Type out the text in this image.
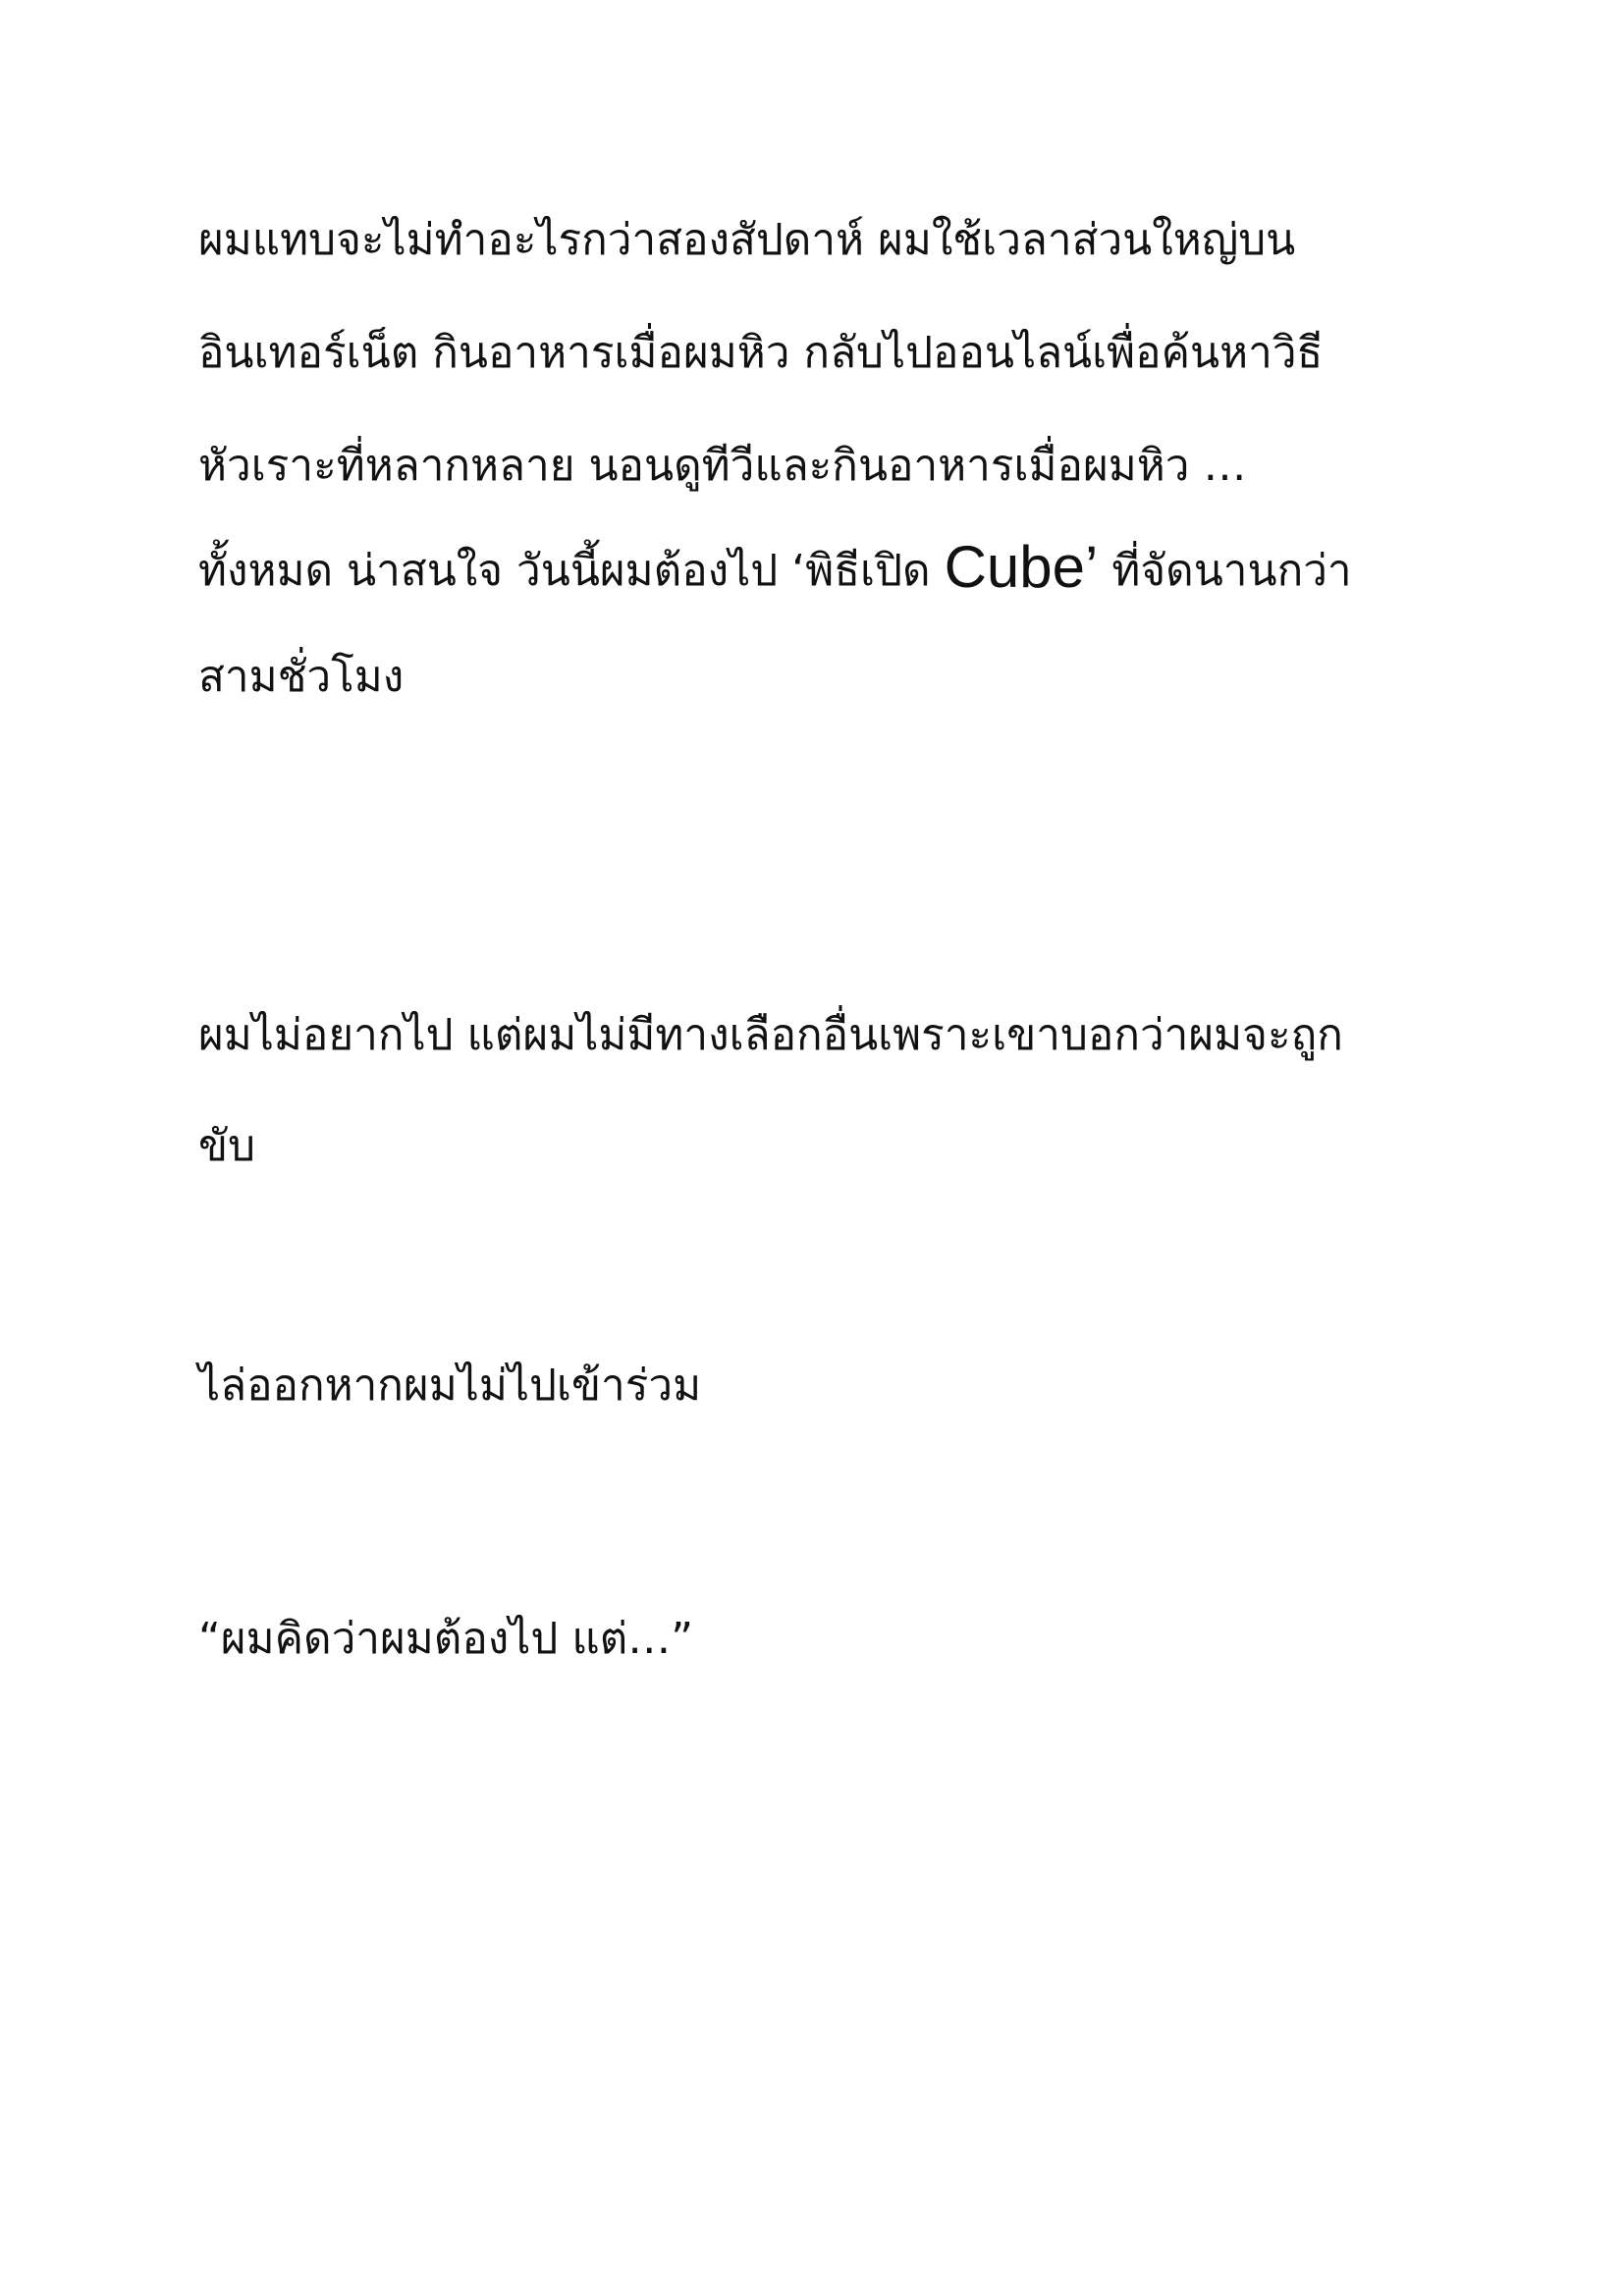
ผมแทบจะไม่ทำอะไรกว่าสองสัปดาห์ ผมใช้เวลาส่วนใหญ่บน
อินเทอร์เน็ต กินอาหารเมื่อผมหิว กลับไปออนไลน์เพื่อค้นหาวิธี
หัวเราะที่หลากหลาย นอนดูทีวีและกินอาหารเมื่อผมหิว …
ทั้งหมด น่าสนใจ วันนี้ผมต้องไป ‘พิธีเปิด Cube’ ที่จัดนานกว่า
สามชั่วโมง
ผมไม่อยากไป แต่ผมไม่มีทางเลือกอื่นเพราะเขาบอกว่าผมจะถูก
ขับ
ไล่ออกหากผมไม่ไปเข้าร่วม
“ผมคิดว่าผมต้องไป แต่…”
